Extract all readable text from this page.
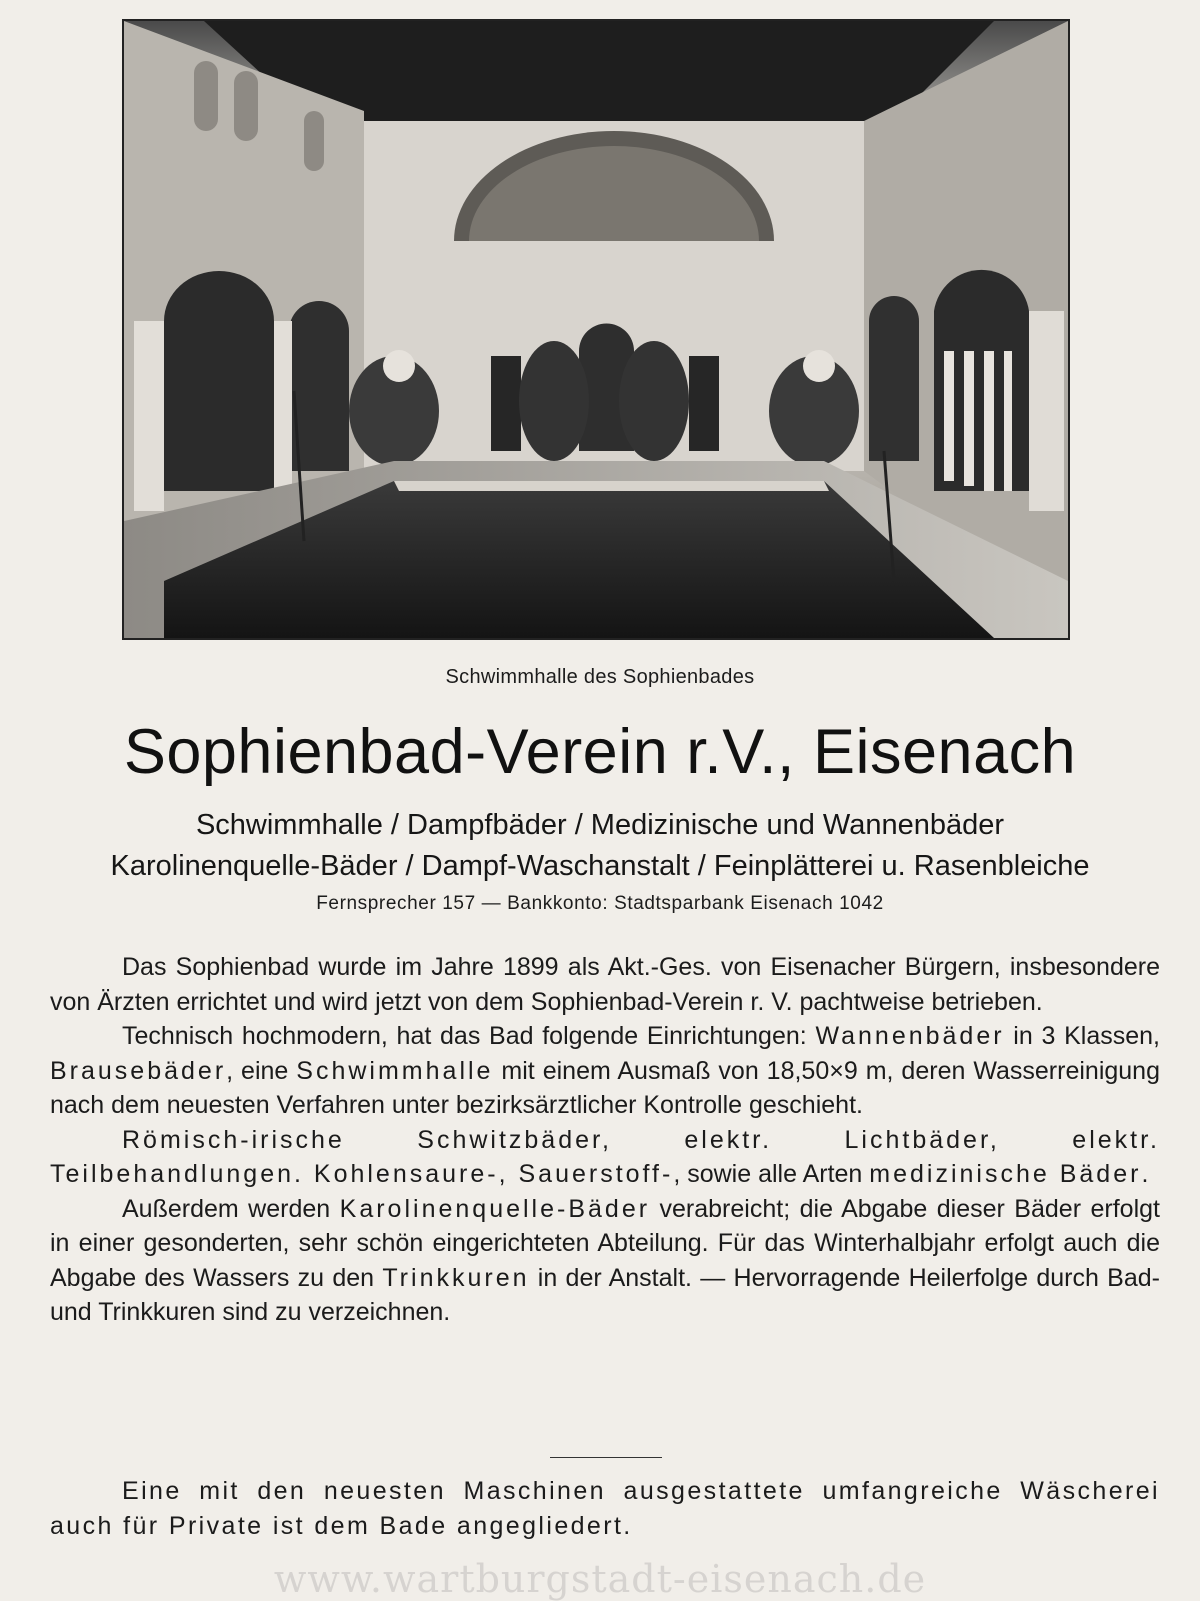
Schwimmhalle des Sophienbades
Sophienbad-Verein r.V., Eisenach
Schwimmhalle / Dampfbäder / Medizinische und Wannenbäder
Karolinenquelle-Bäder / Dampf-Waschanstalt / Feinplätterei u. Rasenbleiche
Fernsprecher 157 — Bankkonto: Stadtsparbank Eisenach 1042

Das Sophienbad wurde im Jahre 1899 als Akt.-Ges. von Eisenacher Bürgern, insbesondere von Ärzten errichtet und wird jetzt von dem Sophienbad-Verein r. V. pachtweise betrieben.

Technisch hochmodern, hat das Bad folgende Einrichtungen: Wannenbäder in 3 Klassen, Brausebäder, eine Schwimmhalle mit einem Ausmaß von 18,50×9 m, deren Wasserreinigung nach dem neuesten Verfahren unter bezirksärztlicher Kontrolle geschieht.

Römisch-irische Schwitzbäder, elektr. Lichtbäder, elektr. Teilbehandlungen. Kohlensaure-, Sauerstoff-, sowie alle Arten medizinische Bäder.

Außerdem werden Karolinenquelle-Bäder verabreicht; die Abgabe dieser Bäder erfolgt in einer gesonderten, sehr schön eingerichteten Abteilung. Für das Winterhalbjahr erfolgt auch die Abgabe des Wassers zu den Trinkkuren in der Anstalt. — Hervorragende Heilerfolge durch Bad- und Trinkkuren sind zu verzeichnen.

Eine mit den neuesten Maschinen ausgestattete umfangreiche Wäscherei auch für Private ist dem Bade angegliedert.

www.wartburgstadt-eisenach.de
